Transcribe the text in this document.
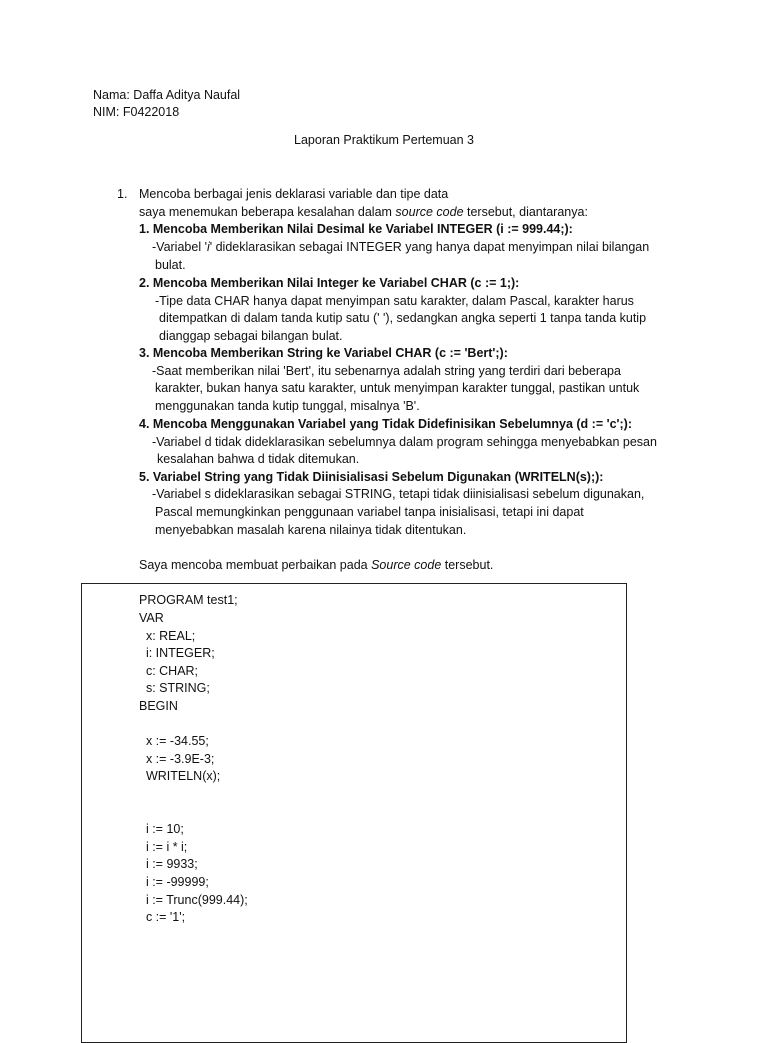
Nama: Daffa Aditya Naufal
NIM: F0422018
Laporan Praktikum Pertemuan 3
1. Mencoba berbagai jenis deklarasi variable dan tipe data
saya menemukan beberapa kesalahan dalam source code tersebut, diantaranya:
1. Mencoba Memberikan Nilai Desimal ke Variabel INTEGER (i := 999.44;):
-Variabel 'i' dideklarasikan sebagai INTEGER yang hanya dapat menyimpan nilai bilangan
bulat.
2. Mencoba Memberikan Nilai Integer ke Variabel CHAR (c := 1;):
-Tipe data CHAR hanya dapat menyimpan satu karakter, dalam Pascal, karakter harus
ditempatkan di dalam tanda kutip satu (' '), sedangkan angka seperti 1 tanpa tanda kutip
dianggap sebagai bilangan bulat.
3. Mencoba Memberikan String ke Variabel CHAR (c := 'Bert';):
-Saat memberikan nilai 'Bert', itu sebenarnya adalah string yang terdiri dari beberapa
karakter, bukan hanya satu karakter, untuk menyimpan karakter tunggal, pastikan untuk
menggunakan tanda kutip tunggal, misalnya 'B'.
4. Mencoba Menggunakan Variabel yang Tidak Didefinisikan Sebelumnya (d := 'c';):
-Variabel d tidak dideklarasikan sebelumnya dalam program sehingga menyebabkan pesan
kesalahan bahwa d tidak ditemukan.
5. Variabel String yang Tidak Diinisialisasi Sebelum Digunakan (WRITELN(s);):
-Variabel s dideklarasikan sebagai STRING, tetapi tidak diinisialisasi sebelum digunakan,
Pascal memungkinkan penggunaan variabel tanpa inisialisasi, tetapi ini dapat
menyebabkan masalah karena nilainya tidak ditentukan.
Saya mencoba membuat perbaikan pada Source code tersebut.
PROGRAM test1;
VAR
x: REAL;
i: INTEGER;
c: CHAR;
s: STRING;
BEGIN
x := -34.55;
x := -3.9E-3;
WRITELN(x);
i := 10;
i := i * i;
i := 9933;
i := -99999;
i := Trunc(999.44);
c := '1';
